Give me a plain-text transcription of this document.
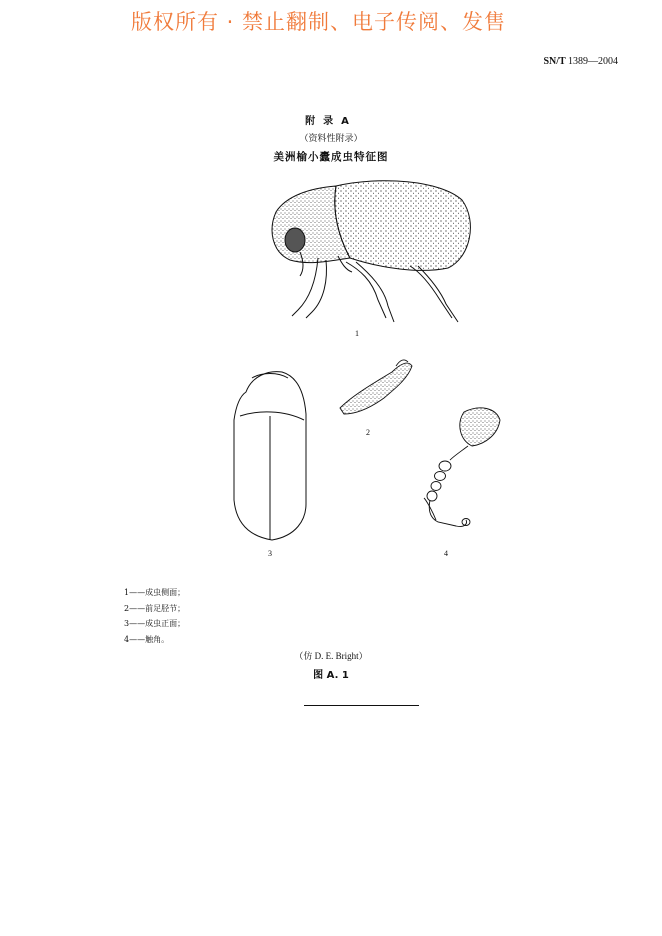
版权所有 · 禁止翻制、电子传阅、发售
SN/T 1389—2004
附录A
（资料性附录）
美洲榆小蠹成虫特征图
1
2
3	4
1——成虫侧面；
2——前足胫节；
3——成虫正面；
4——触角。
（仿 D. E. Bright）
图 A. 1
